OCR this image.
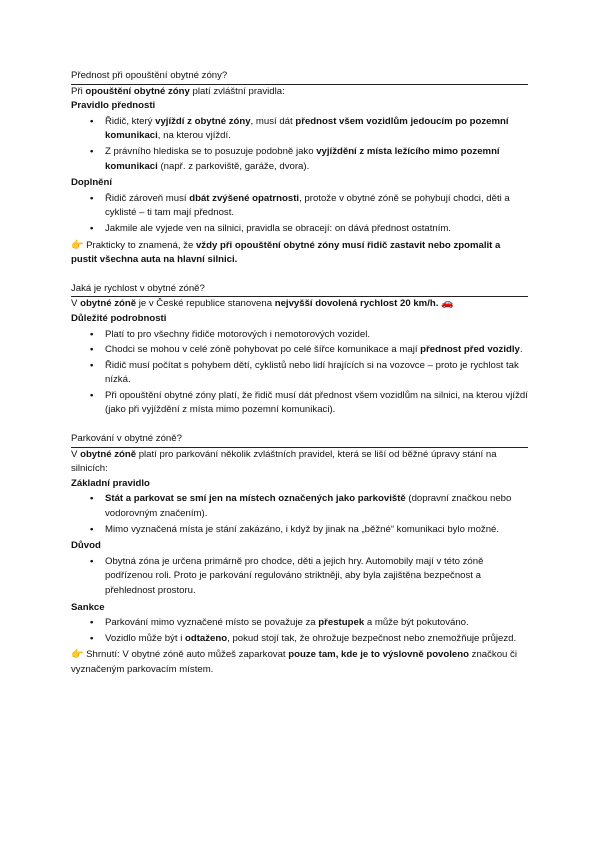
Přednost při opouštění obytné zóny?

Při opouštění obytné zóny platí zvláštní pravidla:

Pravidlo přednosti
• Řidič, který vyjíždí z obytné zóny, musí dát přednost všem vozidlům jedoucím po pozemní komunikaci, na kterou vjíždí.
• Z právního hlediska se to posuzuje podobně jako vyjíždění z místa ležícího mimo pozemní komunikaci (např. z parkoviště, garáže, dvora).
Doplnění
• Řidič zároveň musí dbát zvýšené opatrnosti, protože v obytné zóně se pohybují chodci, děti a cyklisté – ti tam mají přednost.
• Jakmile ale vyjede ven na silnici, pravidla se obracejí: on dává přednost ostatním.

👉 Prakticky to znamená, že vždy při opouštění obytné zóny musí řidič zastavit nebo zpomalit a pustit všechna auta na hlavní silnici.

Jaká je rychlost v obytné zóně?

V obytné zóně je v České republice stanovena nejvyšší dovolená rychlost 20 km/h. 🚗

Důležité podrobnosti
• Platí to pro všechny řidiče motorových i nemotorových vozidel.
• Chodci se mohou v celé zóně pohybovat po celé šířce komunikace a mají přednost před vozidly.
• Řidič musí počítat s pohybem dětí, cyklistů nebo lidí hrajících si na vozovce – proto je rychlost tak nízká.
• Při opouštění obytné zóny platí, že řidič musí dát přednost všem vozidlům na silnici, na kterou vjíždí (jako při vyjíždění z místa mimo pozemní komunikaci).
Parkování v obytné zóně?

V obytné zóně platí pro parkování několik zvláštních pravidel, která se liší od běžné úpravy stání na silnicích:

Základní pravidlo
• Stát a parkovat se smí jen na místech označených jako parkoviště (dopravní značkou nebo vodorovným značením).
• Mimo vyznačená místa je stání zakázáno, i když by jinak na „běžné“ komunikaci bylo možné.
Důvod
• Obytná zóna je určena primárně pro chodce, děti a jejich hry. Automobily mají v této zóně podřízenou roli. Proto je parkování regulováno striktněji, aby byla zajištěna bezpečnost a přehlednost prostoru.
Sankce
• Parkování mimo vyznačené místo se považuje za přestupek a může být pokutováno.
• Vozidlo může být i odtaženo, pokud stojí tak, že ohrožuje bezpečnost nebo znemožňuje průjezd.

👉 Shrnutí: V obytné zóně auto můžeš zaparkovat pouze tam, kde je to výslovně povoleno značkou či vyznačeným parkovacím místem.
